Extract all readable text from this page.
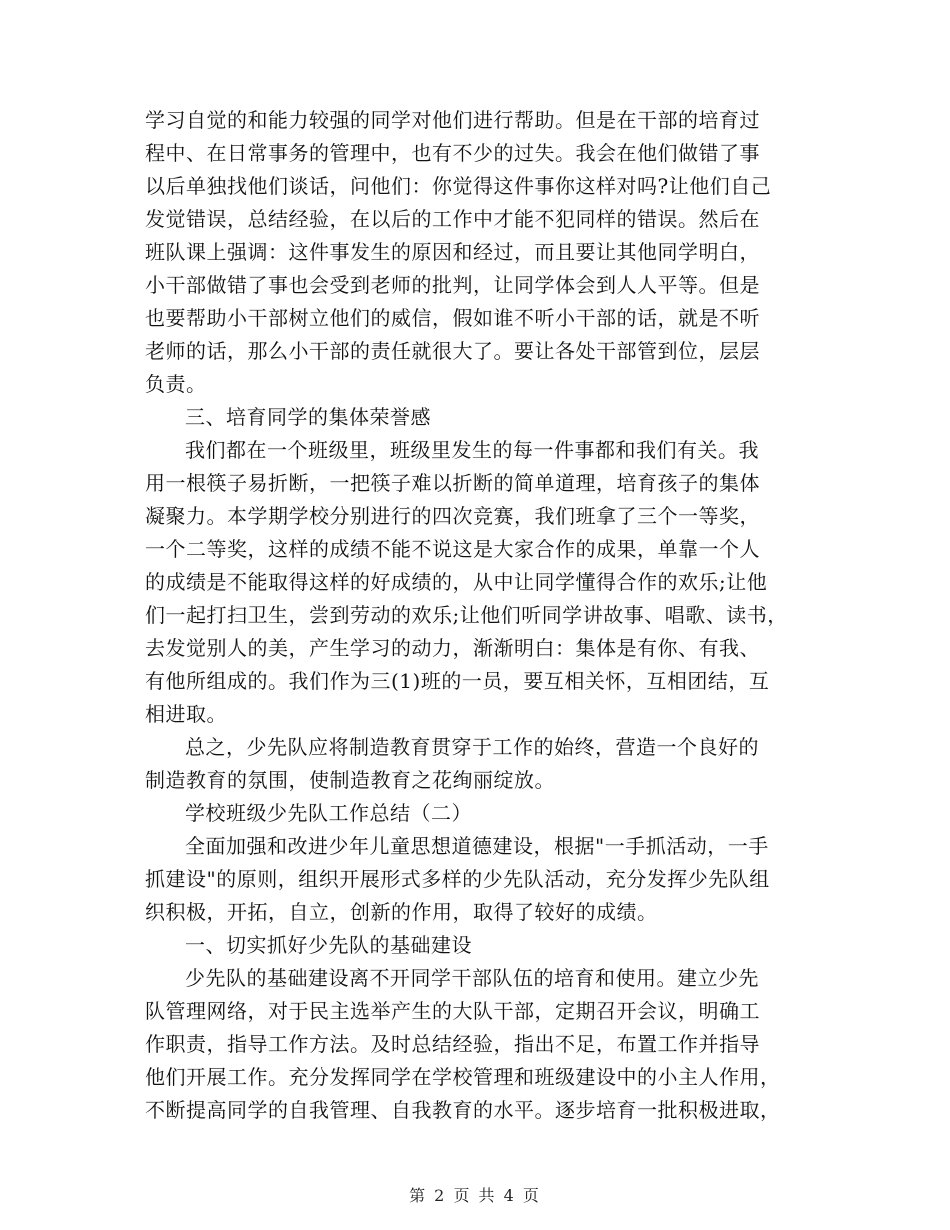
学习自觉的和能力较强的同学对他们进行帮助。但是在干部的培育过
程中、在日常事务的管理中，也有不少的过失。我会在他们做错了事
以后单独找他们谈话，问他们：你觉得这件事你这样对吗?让他们自己
发觉错误，总结经验，在以后的工作中才能不犯同样的错误。然后在
班队课上强调：这件事发生的原因和经过，而且要让其他同学明白，
小干部做错了事也会受到老师的批判，让同学体会到人人平等。但是
也要帮助小干部树立他们的威信，假如谁不听小干部的话，就是不听
老师的话，那么小干部的责任就很大了。要让各处干部管到位，层层
负责。
三、培育同学的集体荣誉感
我们都在一个班级里，班级里发生的每一件事都和我们有关。我
用一根筷子易折断，一把筷子难以折断的简单道理，培育孩子的集体
凝聚力。本学期学校分别进行的四次竞赛，我们班拿了三个一等奖，
一个二等奖，这样的成绩不能不说这是大家合作的成果，单靠一个人
的成绩是不能取得这样的好成绩的，从中让同学懂得合作的欢乐;让他
们一起打扫卫生，尝到劳动的欢乐;让他们听同学讲故事、唱歌、读书，
去发觉别人的美，产生学习的动力，渐渐明白：集体是有你、有我、
有他所组成的。我们作为三(1)班的一员，要互相关怀，互相团结，互
相进取。
总之，少先队应将制造教育贯穿于工作的始终，营造一个良好的
制造教育的氛围，使制造教育之花绚丽绽放。
学校班级少先队工作总结（二）
全面加强和改进少年儿童思想道德建设，根据"一手抓活动，一手
抓建设"的原则，组织开展形式多样的少先队活动，充分发挥少先队组
织积极，开拓，自立，创新的作用，取得了较好的成绩。
一、切实抓好少先队的基础建设
少先队的基础建设离不开同学干部队伍的培育和使用。建立少先
队管理网络，对于民主选举产生的大队干部，定期召开会议，明确工
作职责，指导工作方法。及时总结经验，指出不足，布置工作并指导
他们开展工作。充分发挥同学在学校管理和班级建设中的小主人作用，
不断提高同学的自我管理、自我教育的水平。逐步培育一批积极进取，
第 2 页 共 4 页
